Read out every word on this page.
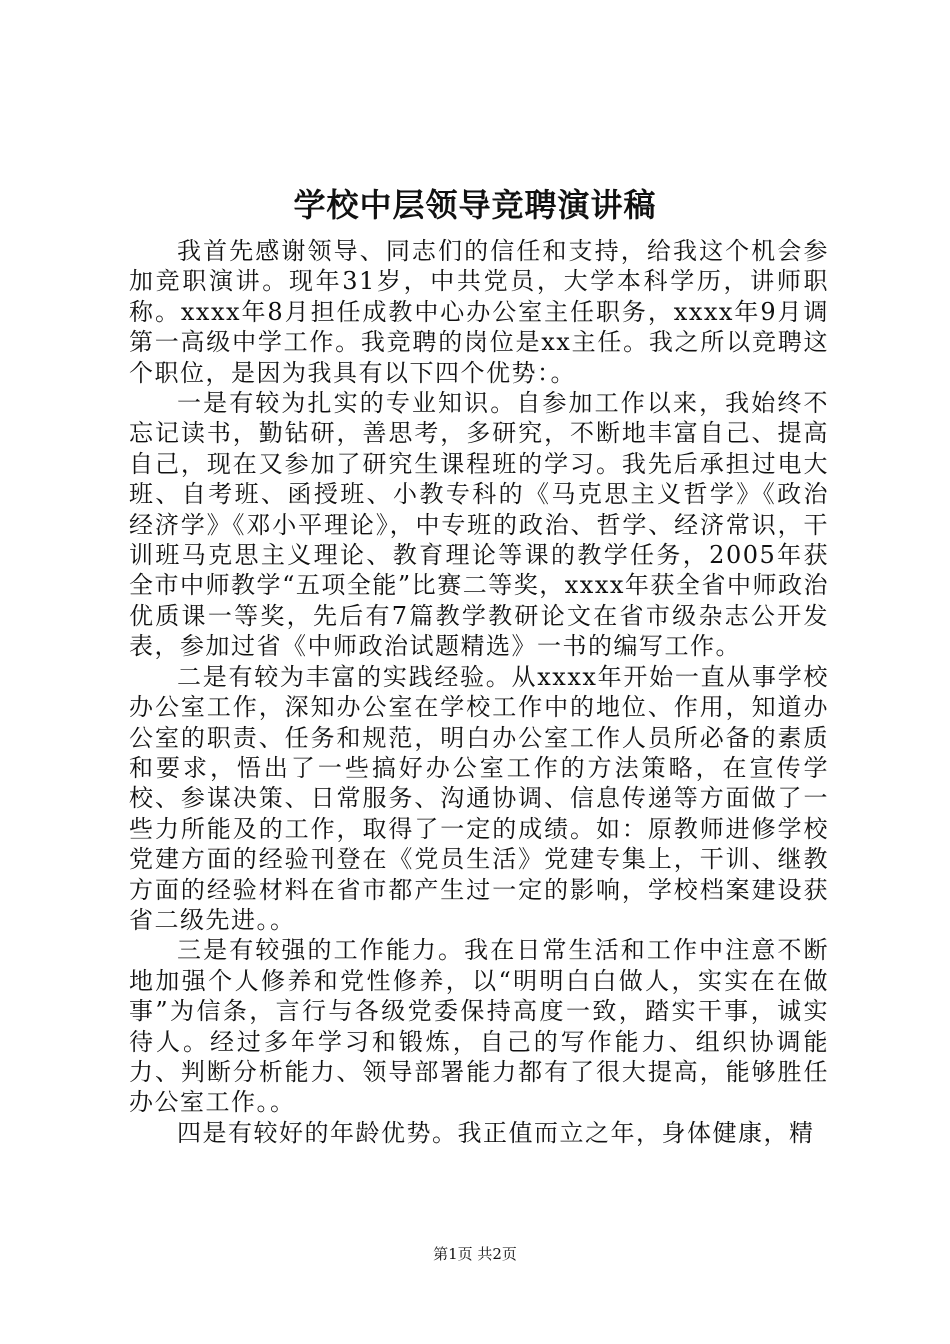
学校中层领导竞聘演讲稿

我首先感谢领导、同志们的信任和支持，给我这个机会参加竞职演讲。现年31岁，中共党员，大学本科学历，讲师职称。xxxx年8月担任成教中心办公室主任职务，xxxx年9月调第一高级中学工作。我竞聘的岗位是xx主任。我之所以竞聘这个职位，是因为我具有以下四个优势：。

一是有较为扎实的专业知识。自参加工作以来，我始终不忘记读书，勤钻研，善思考，多研究，不断地丰富自己、提高自己，现在又参加了研究生课程班的学习。我先后承担过电大班、自考班、函授班、小教专科的《马克思主义哲学》《政治经济学》《邓小平理论》，中专班的政治、哲学、经济常识，干训班马克思主义理论、教育理论等课的教学任务，2005年获全市中师教学“五项全能”比赛二等奖，xxxx年获全省中师政治优质课一等奖，先后有7篇教学教研论文在省市级杂志公开发表，参加过省《中师政治试题精选》一书的编写工作。

二是有较为丰富的实践经验。从xxxx年开始一直从事学校办公室工作，深知办公室在学校工作中的地位、作用，知道办公室的职责、任务和规范，明白办公室工作人员所必备的素质和要求，悟出了一些搞好办公室工作的方法策略，在宣传学校、参谋决策、日常服务、沟通协调、信息传递等方面做了一些力所能及的工作，取得了一定的成绩。如：原教师进修学校党建方面的经验刊登在《党员生活》党建专集上，干训、继教方面的经验材料在省市都产生过一定的影响，学校档案建设获省二级先进。。

三是有较强的工作能力。我在日常生活和工作中注意不断地加强个人修养和党性修养，以“明明白白做人，实实在在做事”为信条，言行与各级党委保持高度一致，踏实干事，诚实待人。经过多年学习和锻炼，自己的写作能力、组织协调能力、判断分析能力、领导部署能力都有了很大提高，能够胜任办公室工作。。

四是有较好的年龄优势。我正值而立之年，身体健康，精

第1页 共2页
